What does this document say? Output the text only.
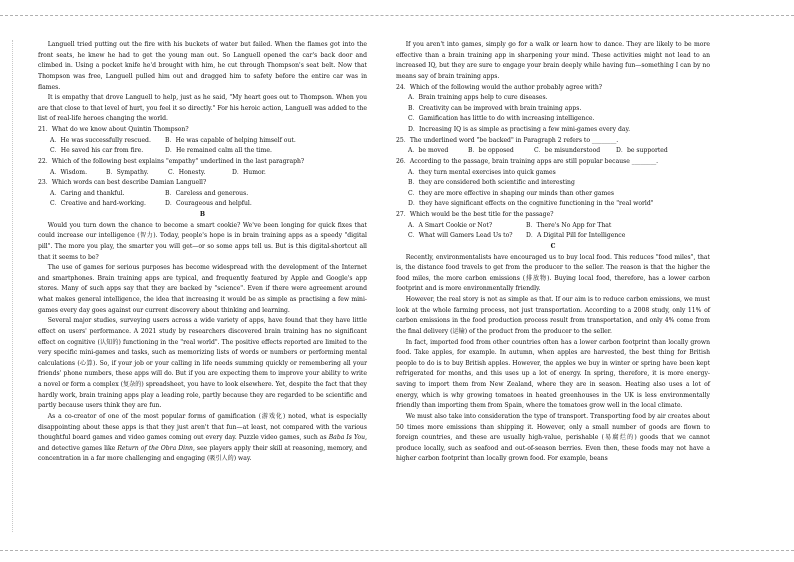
Languell tried putting out the fire with his buckets of water but failed. When the flames got into the front seats, he knew he had to get the young man out. So Languell opened the car's back door and climbed in. Using a pocket knife he'd brought with him, he cut through Thompson's seat belt. Now that Thompson was free, Languell pulled him out and dragged him to safety before the entire car was in flames.

It is empathy that drove Languell to help, just as he said, "My heart goes out to Thompson. When you are that close to that level of hurt, you feel it so directly." For his heroic action, Languell was added to the list of real-life heroes changing the world.

21．What do we know about Quintin Thompson?

A．He was successfully rescued.	B．He was capable of helping himself out.

C．He saved his car from fire.	D．He remained calm all the time.

22．Which of the following best explains "empathy" underlined in the last paragraph?

A．Wisdom.	B．Sympathy.	C．Honesty.	D．Humor.

23．Which words can best describe Damian Languell?

A．Caring and thankful.	B．Careless and generous.

C．Creative and hard-working.	D．Courageous and helpful.

B

Would you turn down the chance to become a smart cookie? We've been longing for quick fixes that could increase our intelligence (智力). Today, people's hope is in brain training apps as a speedy "digital pill". The more you play, the smarter you will get—or so some apps tell us. But is this digital-shortcut all that it seems to be?

The use of games for serious purposes has become widespread with the development of the Internet and smartphones. Brain training apps are typical, and frequently featured by Apple and Google's app stores. Many of such apps say that they are backed by "science". Even if there were agreement around what makes general intelligence, the idea that increasing it would be as simple as practising a few mini-games every day goes against our current discovery about thinking and learning.

Several major studies, surveying users across a wide variety of apps, have found that they have little effect on users' performance. A 2021 study by researchers discovered brain training has no significant effect on cognitive (认知的) functioning in the "real world". The positive effects reported are limited to the very specific mini-games and tasks, such as memorizing lists of words or numbers or performing mental calculations (心算). So, if your job or your calling in life needs summing quickly or remembering all your friends' phone numbers, these apps will do. But if you are expecting them to improve your ability to write a novel or form a complex (复杂的) spreadsheet, you have to look elsewhere. Yet, despite the fact that they hardly work, brain training apps play a leading role, partly because they are regarded to be scientific and partly because users think they are fun.

As a co-creator of one of the most popular forms of gamification (游戏化) noted, what is especially disappointing about these apps is that they just aren't that fun—at least, not compared with the various thoughtful board games and video games coming out every day. Puzzle video games, such as Baba Is You, and detective games like Return of the Obra Dinn, see players apply their skill at reasoning, memory, and concentration in a far more challenging and engaging (吸引人的) way.

If you aren't into games, simply go for a walk or learn how to dance. They are likely to be more effective than a brain training app in sharpening your mind. These activities might not lead to an increased IQ, but they are sure to engage your brain deeply while having fun—something I can by no means say of brain training apps.

24．Which of the following would the author probably agree with?

A．Brain training apps help to cure diseases.

B．Creativity can be improved with brain training apps.

C．Gamification has little to do with increasing intelligence.

D．Increasing IQ is as simple as practising a few mini-games every day.

25．The underlined word "be backed" in Paragraph 2 refers to ________.

A．be moved	B．be opposed	C．be misunderstood	D．be supported

26．According to the passage, brain training apps are still popular because ________.

A．they turn mental exercises into quick games

B．they are considered both scientific and interesting

C．they are more effective in shaping our minds than other games

D．they have significant effects on the cognitive functioning in the "real world"

27．Which would be the best title for the passage?

A．A Smart Cookie or Not?	B．There's No App for That

C．What will Gamers Lead Us to?	D．A Digital Pill for Intelligence

C

Recently, environmentalists have encouraged us to buy local food. This reduces "food miles", that is, the distance food travels to get from the producer to the seller. The reason is that the higher the food miles, the more carbon emissions (排放物). Buying local food, therefore, has a lower carbon footprint and is more environmentally friendly.

However, the real story is not as simple as that. If our aim is to reduce carbon emissions, we must look at the whole farming process, not just transportation. According to a 2008 study, only 11% of carbon emissions in the food production process result from transportation, and only 4% come from the final delivery (运输) of the product from the producer to the seller.

In fact, imported food from other countries often has a lower carbon footprint than locally grown food. Take apples, for example. In autumn, when apples are harvested, the best thing for British people to do is to buy British apples. However, the apples we buy in winter or spring have been kept refrigerated for months, and this uses up a lot of energy. In spring, therefore, it is more energy-saving to import them from New Zealand, where they are in season. Heating also uses a lot of energy, which is why growing tomatoes in heated greenhouses in the UK is less environmentally friendly than importing them from Spain, where the tomatoes grow well in the local climate.

We must also take into consideration the type of transport. Transporting food by air creates about 50 times more emissions than shipping it. However, only a small number of goods are flown to foreign countries, and these are usually high-value, perishable (易腐烂的) goods that we cannot produce locally, such as seafood and out-of-season berries. Even then, these foods may not have a higher carbon footprint than locally grown food. For example, beans
